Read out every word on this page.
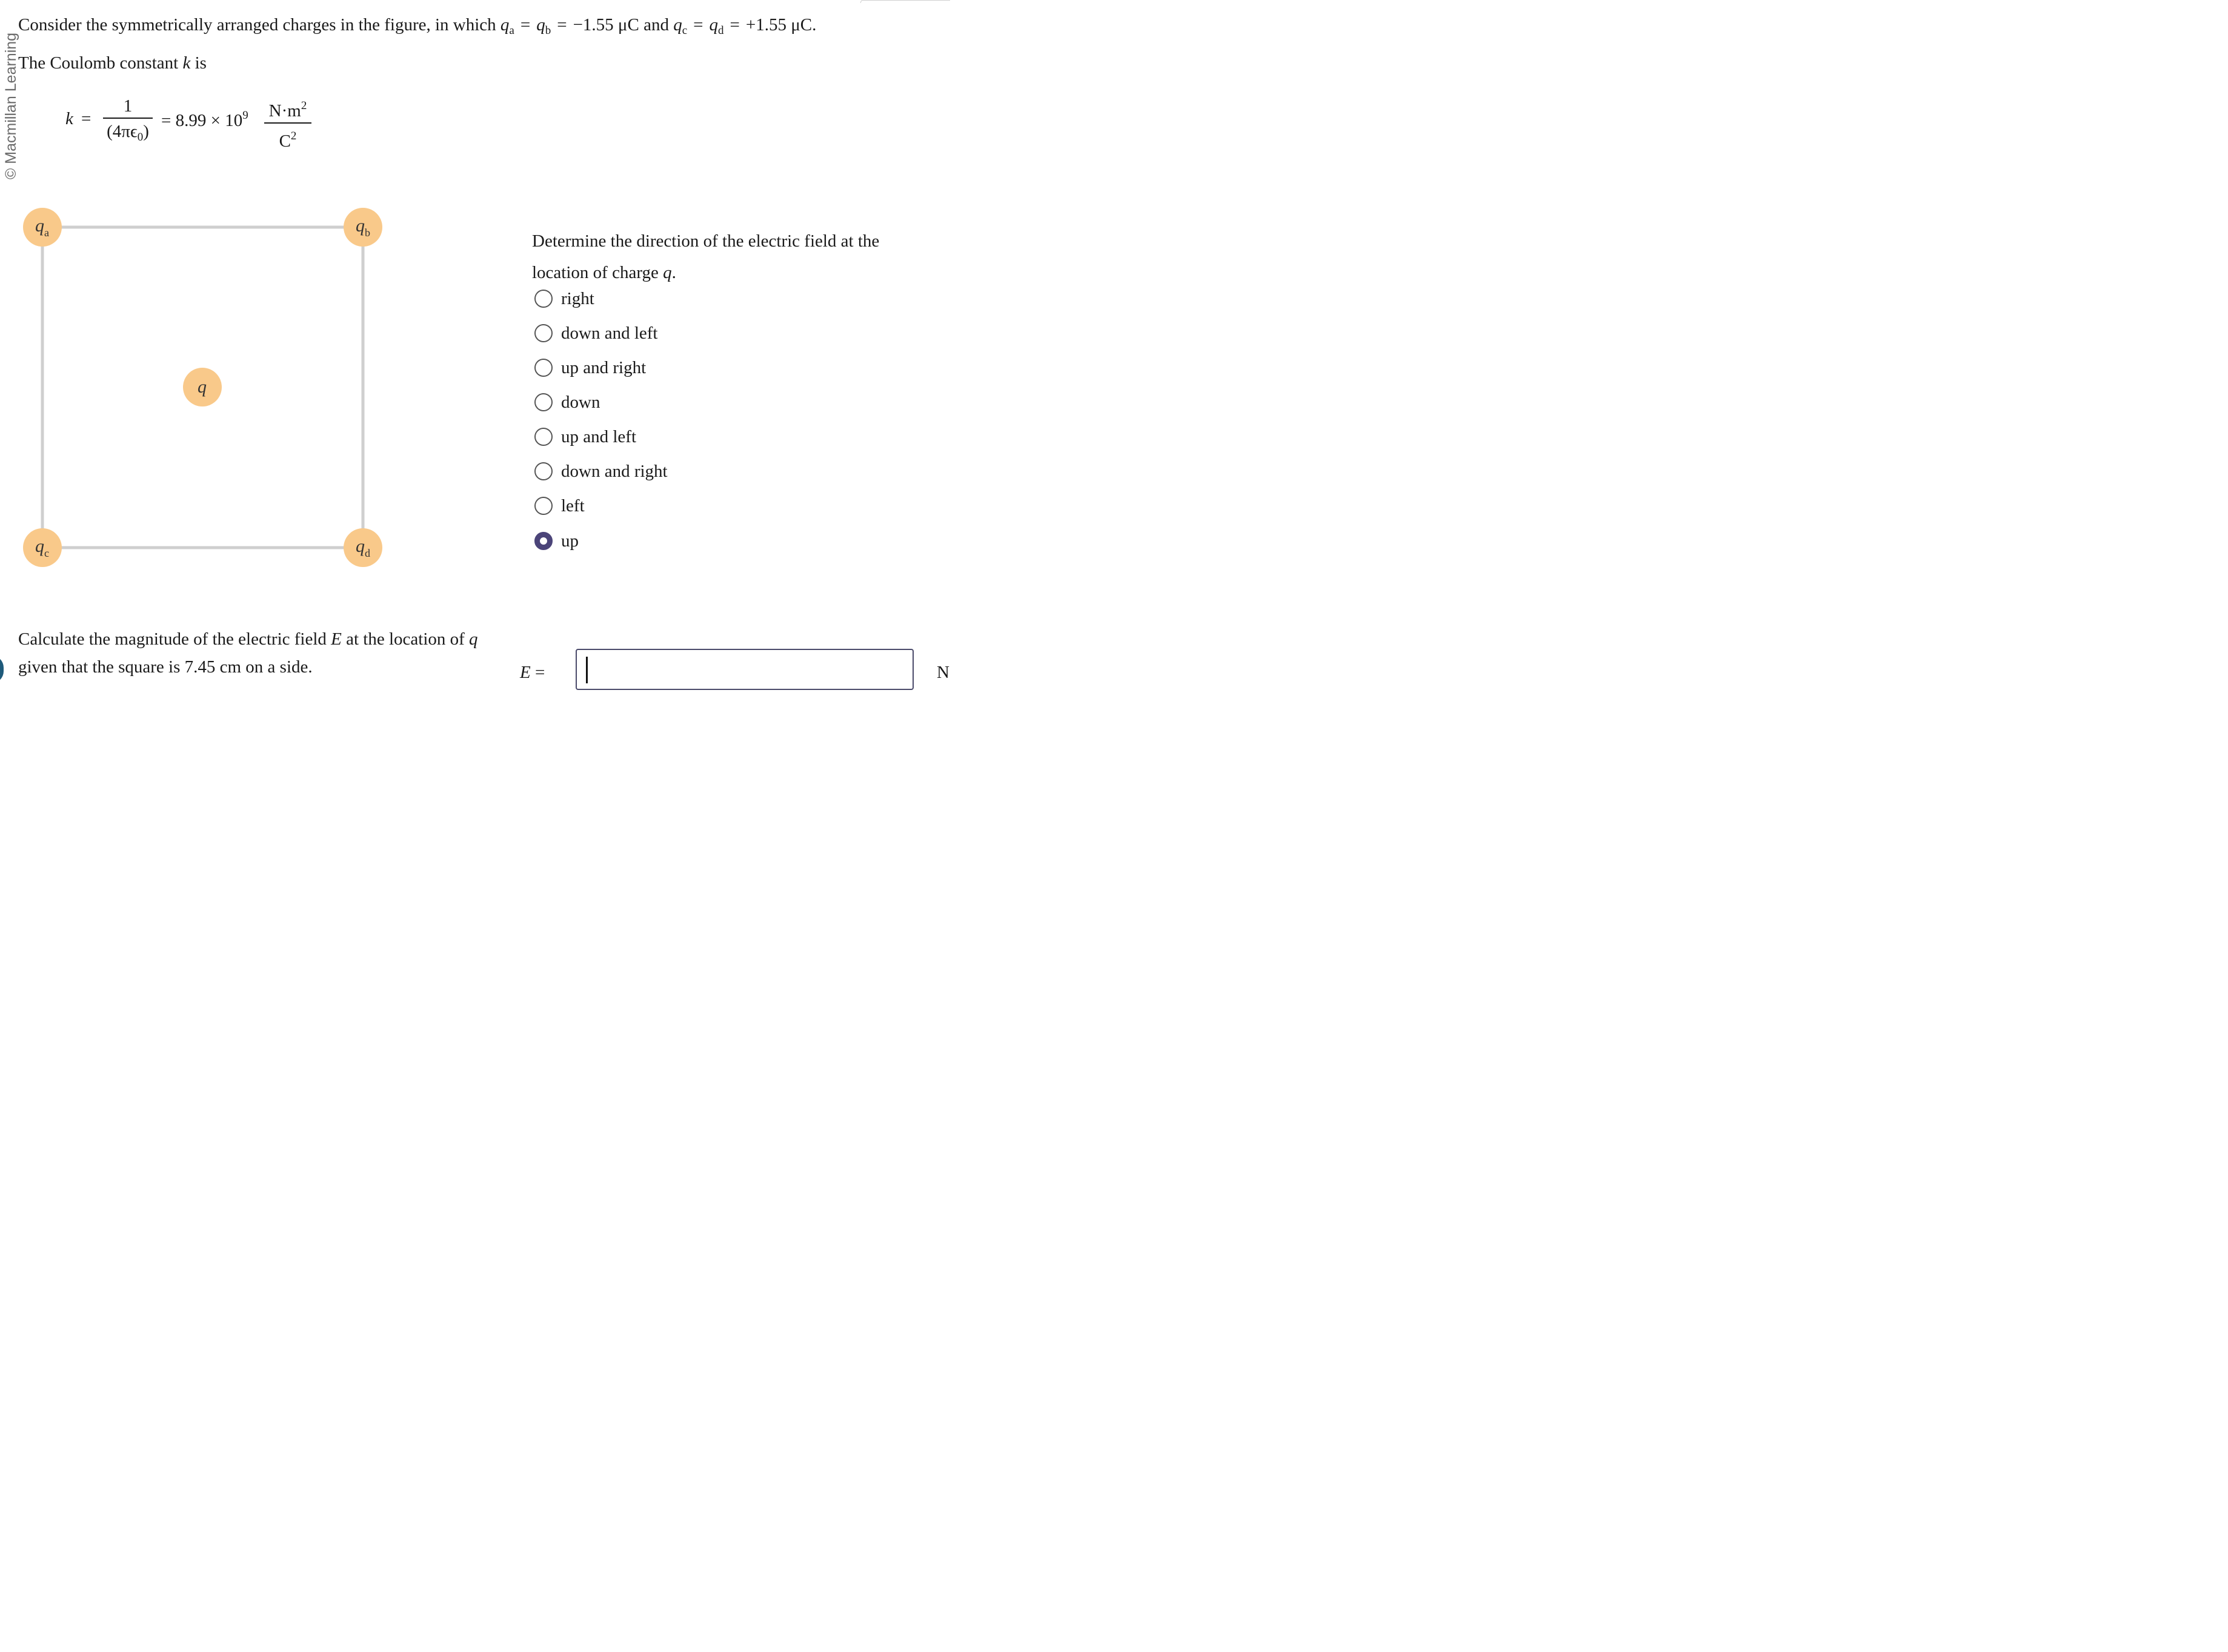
© Macmillan Learning
Consider the symmetrically arranged charges in the figure, in which $q_a = q_b = -1.55$ μC and $q_c = q_d = +1.55$ μC.
The Coulomb constant k is
k =
1
$(4\pi\epsilon_0)$
= $8.99 \times 10^9$ $N\cdot m^2$
$C^2$
$q_a$	$q_b$
$q_c$	$q_d$
q
Determine the direction of the electric field at the location of charge q.
right
down and left
up and right
down
up and left
down and right
left
up
Calculate the magnitude of the electric field E at the location of q given that the square is 7.45 cm on a side.	E =	N
